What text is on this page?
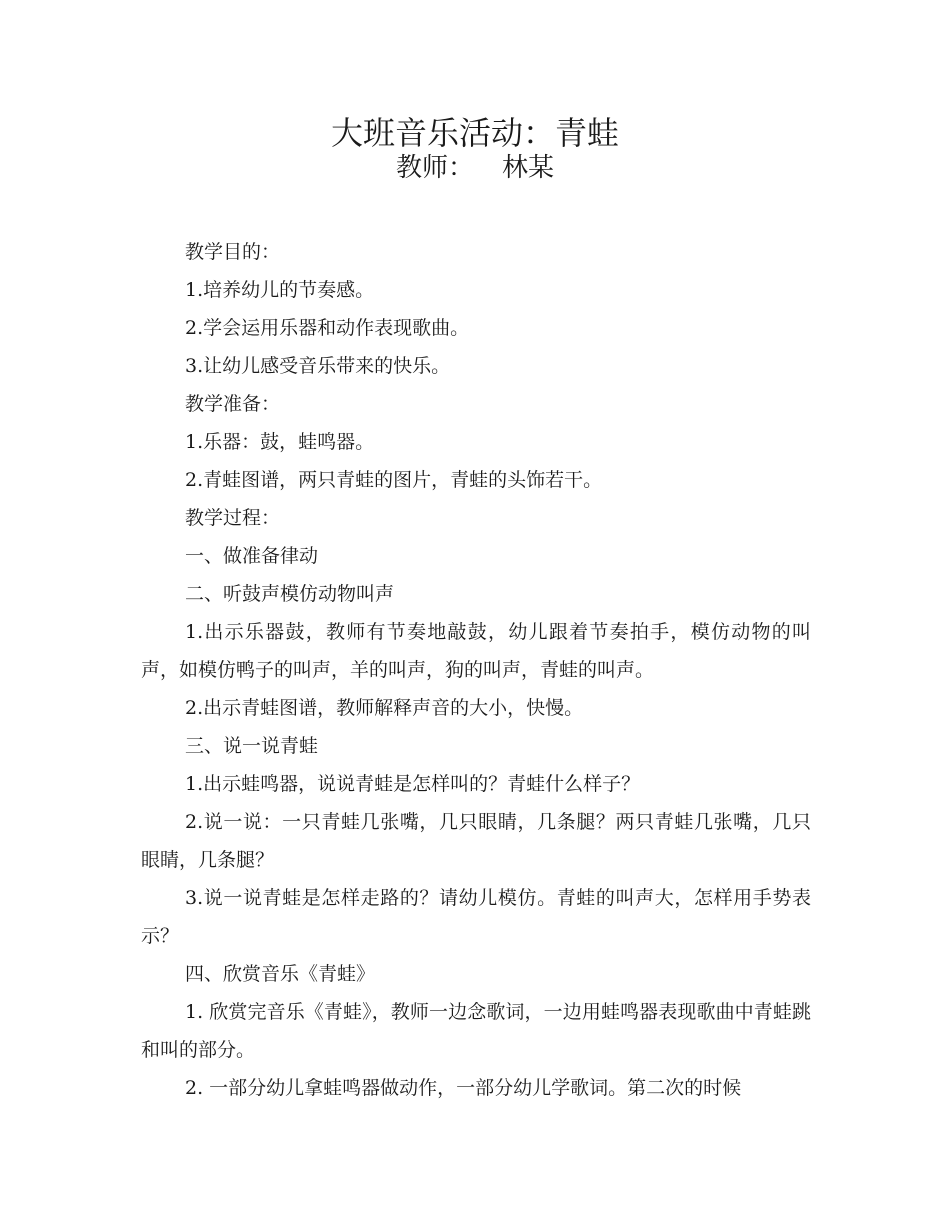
大班音乐活动：青蛙
教师： 林某

教学目的：

1.培养幼儿的节奏感。

2.学会运用乐器和动作表现歌曲。

3.让幼儿感受音乐带来的快乐。

教学准备：

1.乐器：鼓，蛙鸣器。

2.青蛙图谱，两只青蛙的图片，青蛙的头饰若干。

教学过程：

一、做准备律动

二、听鼓声模仿动物叫声

1.出示乐器鼓，教师有节奏地敲鼓，幼儿跟着节奏拍手，模仿动物的叫声，如模仿鸭子的叫声，羊的叫声，狗的叫声，青蛙的叫声。

2.出示青蛙图谱，教师解释声音的大小，快慢。

三、说一说青蛙

1.出示蛙鸣器，说说青蛙是怎样叫的？青蛙什么样子？

2.说一说：一只青蛙几张嘴，几只眼睛，几条腿？两只青蛙几张嘴，几只眼睛，几条腿？

3.说一说青蛙是怎样走路的？请幼儿模仿。青蛙的叫声大，怎样用手势表示？

四、欣赏音乐《青蛙》

1. 欣赏完音乐《青蛙》，教师一边念歌词，一边用蛙鸣器表现歌曲中青蛙跳和叫的部分。

2. 一部分幼儿拿蛙鸣器做动作，一部分幼儿学歌词。第二次的时候
